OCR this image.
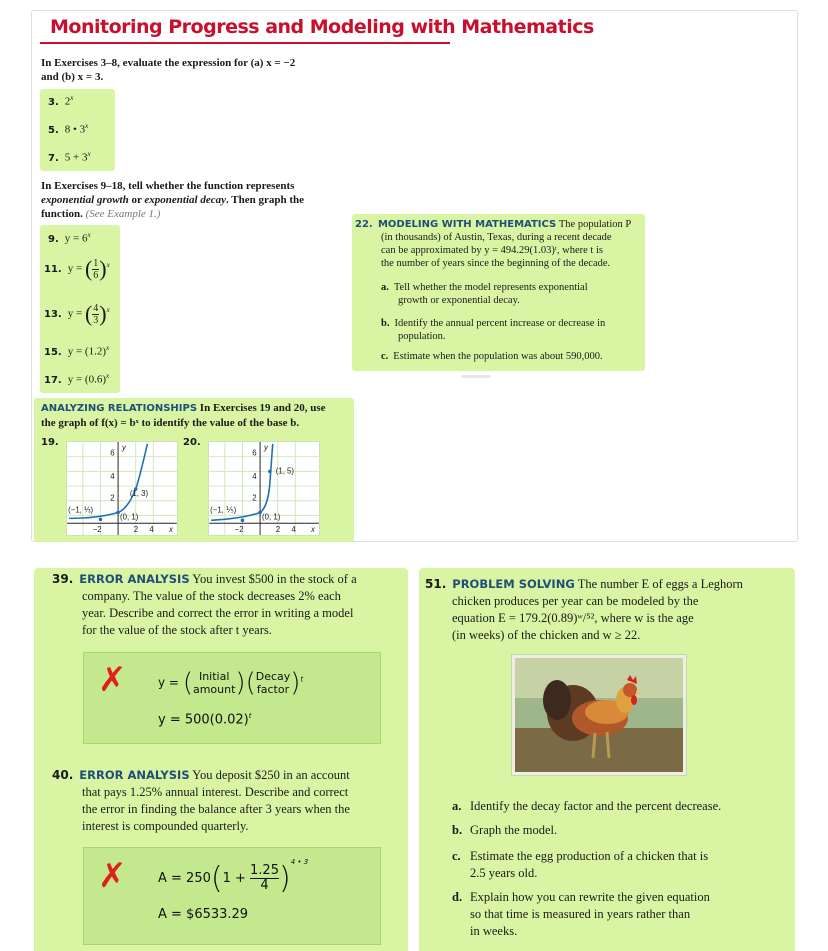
Monitoring Progress and Modeling with Mathematics
In Exercises 3–8, evaluate the expression for (a) x = −2
and (b) x = 3.
3. 2$^x$
5. 8 • 3$^x$
7. $5 + 3^x$
In Exercises 9–18, tell whether the function represents
exponential growth or exponential decay. Then graph the
function. (See Example 1.)
9. $y = 6^x$
11. y = ( $\frac{1}{6} )^x$
13. y = ( $\frac{4}{3} )^x$
15. $y = (1.2)^x$
17. $y = (0.6)^x$
22. MODELING WITH MATHEMATICS The population P
(in thousands) of Austin, Texas, during a recent decade
can be approximated by y = 494.29(1.03)ᵗ, where t is
the number of years since the beginning of the decade.
a. Tell whether the model represents exponential
growth or exponential decay.
b. Identify the annual percent increase or decrease in
population.
c. Estimate when the population was about 590,000.
ANALYZING RELATIONSHIPS In Exercises 19 and 20, use
the graph of f(x) = bˣ to identify the value of the base b.
19.	20.
6
4
2
−2	2 4 x
y
(1, 3)
(0, 1)
(−1, ⅓)
6
4
2
−2	2 4 x
y
(1, 5)
(0, 1)
(−1, ⅕)
39. ERROR ANALYSIS You invest $500 in the stock of a
company. The value of the stock decreases 2% each
year. Describe and correct the error in writing a model
for the value of the stock after t years.
✗	y = ( Initial
amount )( Decay
factor )$^t$
$y = 500(0.02)^t$
40. ERROR ANALYSIS You deposit $250 in an account
that pays 1.25% annual interest. Describe and correct
the error in finding the balance after 3 years when the
interest is compounded quarterly.
✗ $A = 250(1 + \frac{1.25}{4} )^{4 • 3}$
A = $6533.29
51. PROBLEM SOLVING The number E of eggs a Leghorn
chicken produces per year can be modeled by the
equation E = 179.2(0.89)ʷ/⁵², where w is the age
(in weeks) of the chicken and w ≥ 22.
a. Identify the decay factor and the percent decrease.
b. Graph the model.
c. Estimate the egg production of a chicken that is
2.5 years old.
d. Explain how you can rewrite the given equation
so that time is measured in years rather than
in weeks.
